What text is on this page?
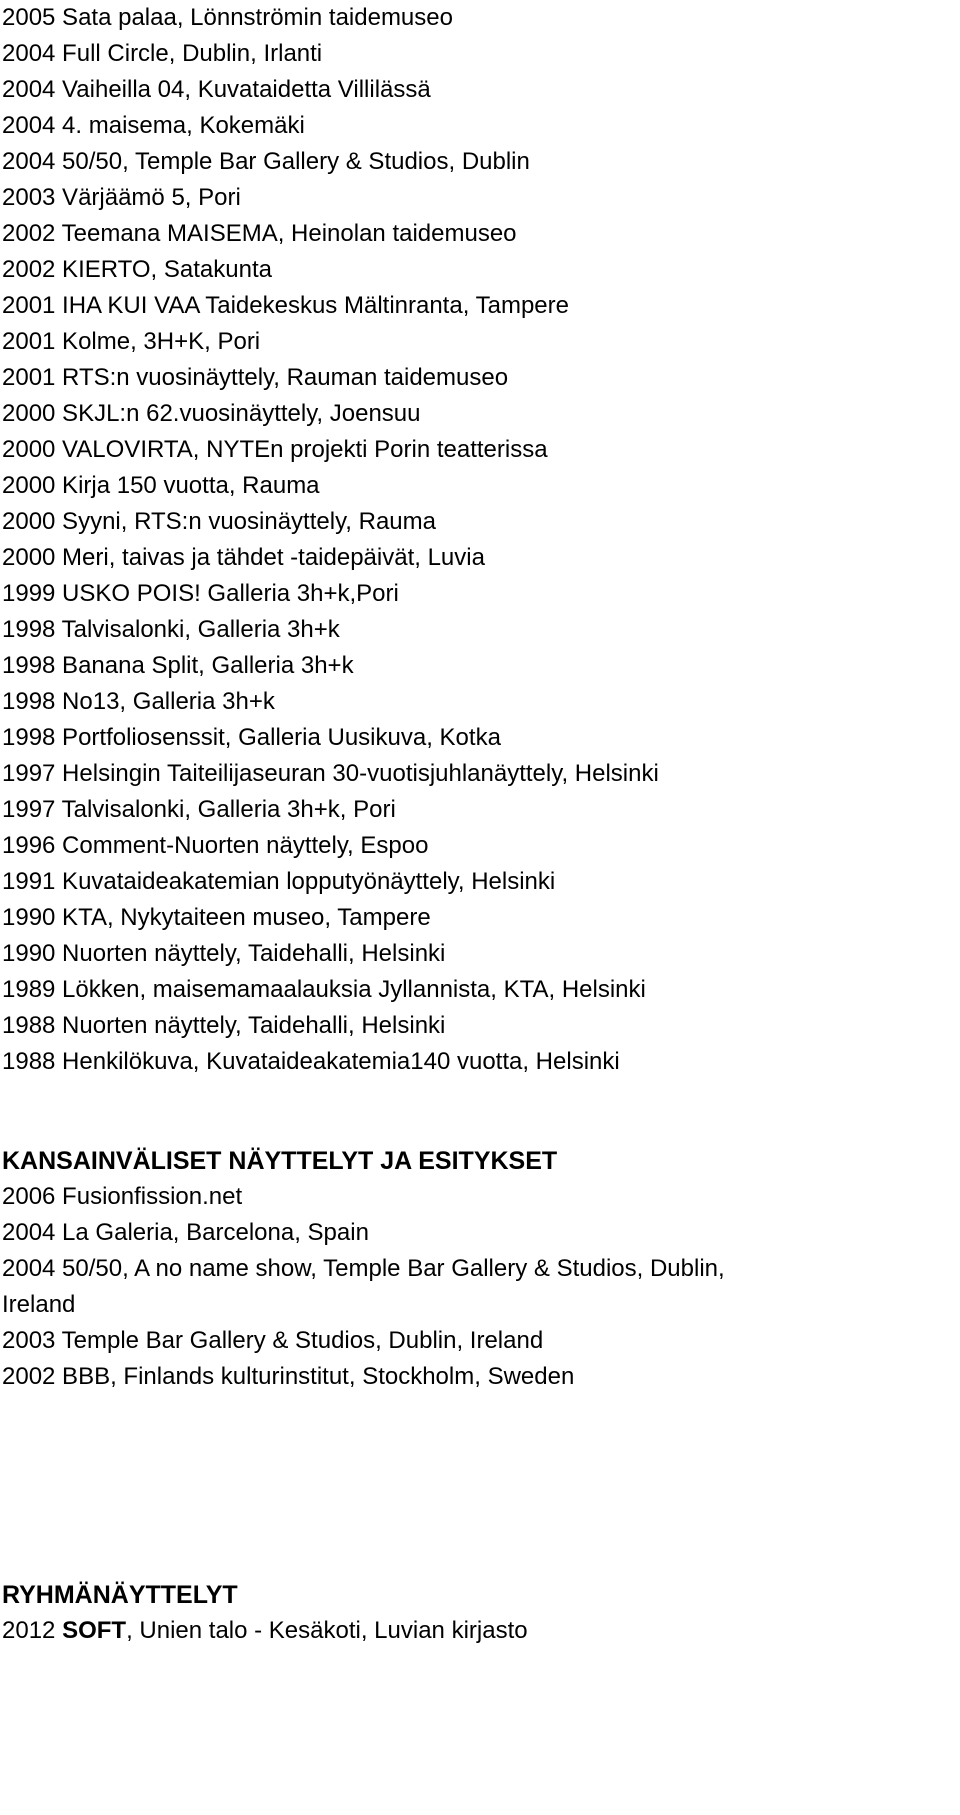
2005 Sata palaa, Lönnströmin taidemuseo
2004 Full Circle, Dublin, Irlanti
2004 Vaiheilla 04, Kuvataidetta Villilässä
2004 4. maisema, Kokemäki
2004 50/50, Temple Bar Gallery & Studios, Dublin
2003 Värjäämö 5, Pori
2002 Teemana MAISEMA, Heinolan taidemuseo
2002 KIERTO, Satakunta
2001 IHA KUI VAA Taidekeskus Mältinranta, Tampere
2001 Kolme, 3H+K, Pori
2001 RTS:n vuosinäyttely, Rauman taidemuseo
2000 SKJL:n 62.vuosinäyttely, Joensuu
2000 VALOVIRTA, NYTEn projekti Porin teatterissa
2000 Kirja 150 vuotta, Rauma
2000 Syyni, RTS:n vuosinäyttely, Rauma
2000 Meri, taivas ja tähdet -taidepäivät, Luvia
1999 USKO POIS! Galleria 3h+k,Pori
1998 Talvisalonki, Galleria 3h+k
1998 Banana Split, Galleria 3h+k
1998 No13, Galleria 3h+k
1998 Portfoliosenssit, Galleria Uusikuva, Kotka
1997 Helsingin Taiteilijaseuran 30-vuotisjuhlanäyttely, Helsinki
1997 Talvisalonki, Galleria 3h+k, Pori
1996 Comment-Nuorten näyttely, Espoo
1991 Kuvataideakatemian lopputyönäyttely, Helsinki
1990 KTA, Nykytaiteen museo, Tampere
1990 Nuorten näyttely, Taidehalli, Helsinki
1989 Lökken, maisemamaalauksia Jyllannista, KTA, Helsinki
1988 Nuorten näyttely, Taidehalli, Helsinki
1988 Henkilökuva, Kuvataideakatemia140 vuotta, Helsinki
KANSAINVÄLISET NÄYTTELYT JA ESITYKSET
2006 Fusionfission.net
2004 La Galeria, Barcelona, Spain
2004 50/50, A no name show, Temple Bar Gallery & Studios, Dublin,
Ireland
2003 Temple Bar Gallery & Studios, Dublin, Ireland
2002 BBB, Finlands kulturinstitut, Stockholm, Sweden
RYHMÄNÄYTTELYT
2012 SOFT, Unien talo - Kesäkoti, Luvian kirjasto
